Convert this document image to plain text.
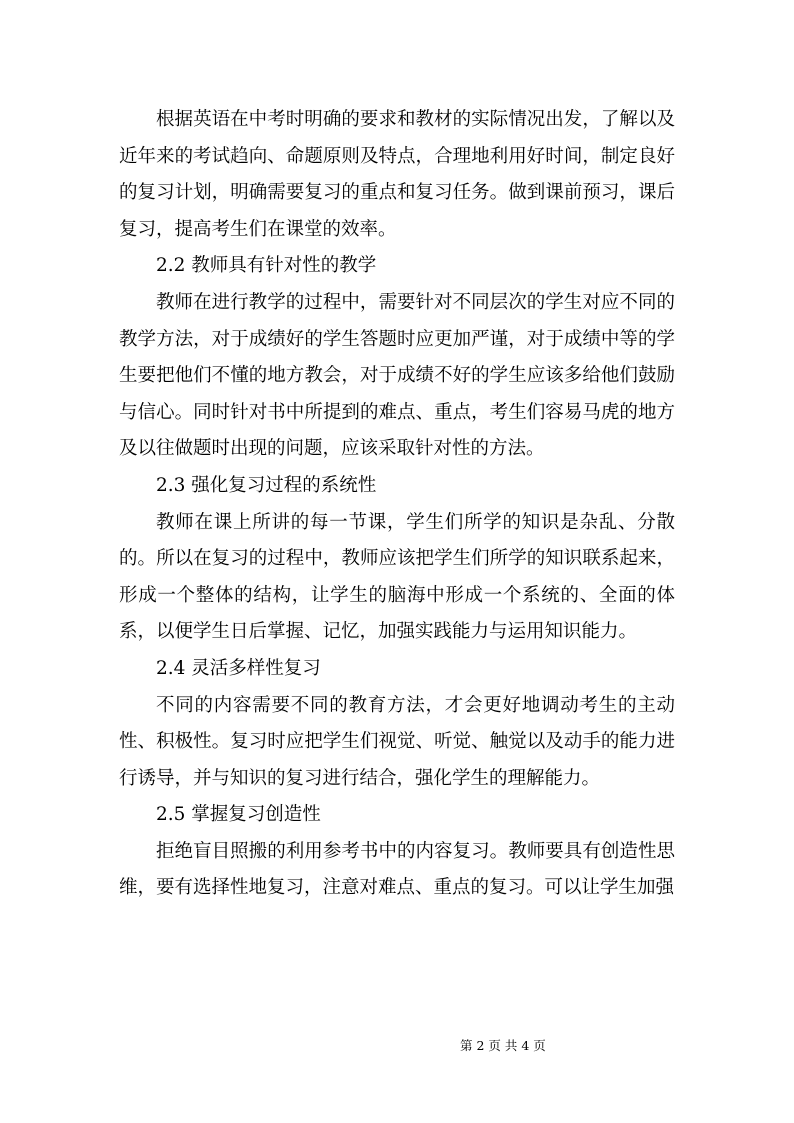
根据英语在中考时明确的要求和教材的实际情况出发，了解以及近年来的考试趋向、命题原则及特点，合理地利用好时间，制定良好的复习计划，明确需要复习的重点和复习任务。做到课前预习，课后复习，提高考生们在课堂的效率。

2.2 教师具有针对性的教学

教师在进行教学的过程中，需要针对不同层次的学生对应不同的教学方法，对于成绩好的学生答题时应更加严谨，对于成绩中等的学生要把他们不懂的地方教会，对于成绩不好的学生应该多给他们鼓励与信心。同时针对书中所提到的难点、重点，考生们容易马虎的地方及以往做题时出现的问题，应该采取针对性的方法。

2.3 强化复习过程的系统性

教师在课上所讲的每一节课，学生们所学的知识是杂乱、分散的。所以在复习的过程中，教师应该把学生们所学的知识联系起来，形成一个整体的结构，让学生的脑海中形成一个系统的、全面的体系，以便学生日后掌握、记忆，加强实践能力与运用知识能力。

2.4 灵活多样性复习

不同的内容需要不同的教育方法，才会更好地调动考生的主动性、积极性。复习时应把学生们视觉、听觉、触觉以及动手的能力进行诱导，并与知识的复习进行结合，强化学生的理解能力。

2.5 掌握复习创造性

拒绝盲目照搬的利用参考书中的内容复习。教师要具有创造性思维，要有选择性地复习，注意对难点、重点的复习。可以让学生加强

第 2 页 共 4 页
